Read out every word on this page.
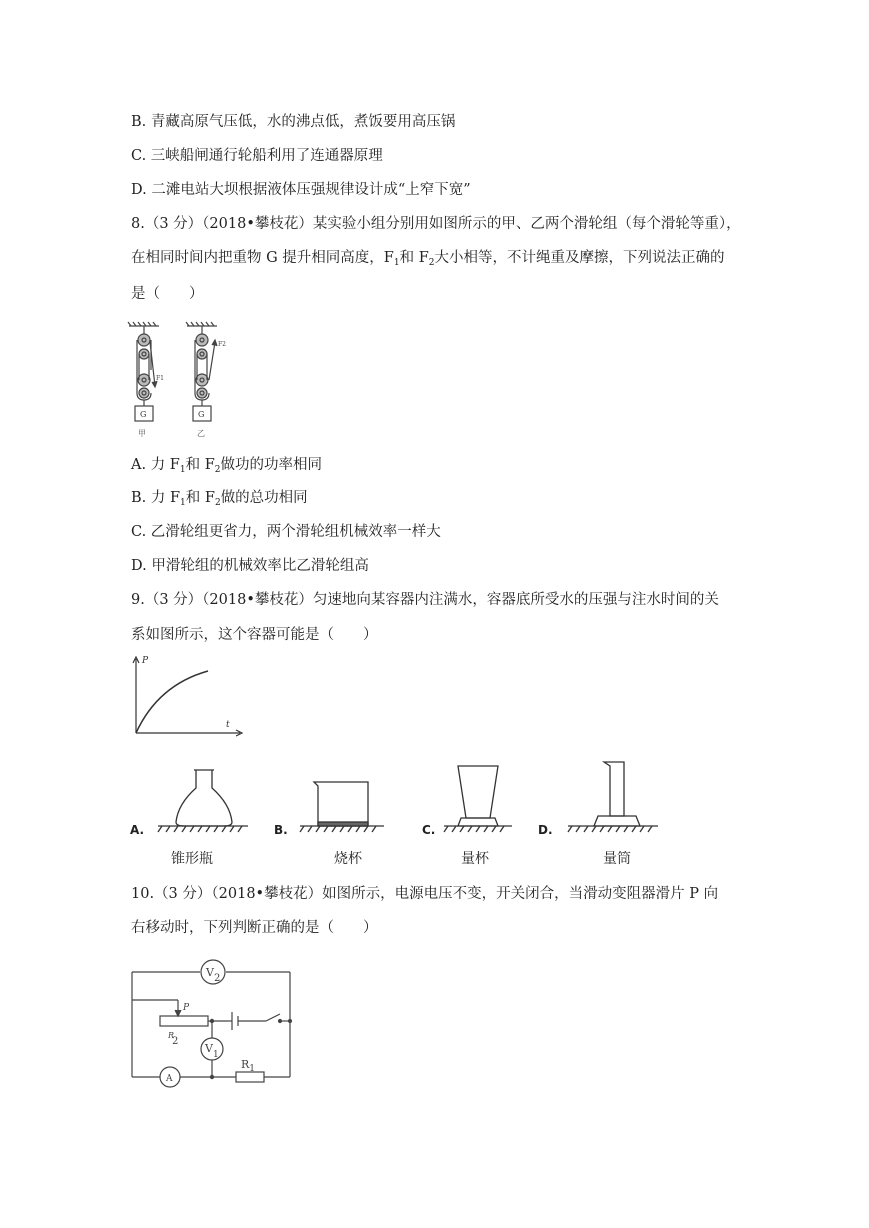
B. 青藏高原气压低，水的沸点低，煮饭要用高压锅
C. 三峡船闸通行轮船利用了连通器原理
D. 二滩电站大坝根据液体压强规律设计成“上窄下宽”
8.（3 分）（2018•攀枝花）某实验小组分别用如图所示的甲、乙两个滑轮组（每个滑轮等重），
在相同时间内把重物 G 提升相同高度，$F_1$和 $F_2$大小相等，不计绳重及摩擦，下列说法正确的
是（　　）
F1
F2
G	G
甲	乙
A. 力 $F_1$和 $F_2$做功的功率相同
B. 力 $F_1$和 $F_2$做的总功相同
C. 乙滑轮组更省力，两个滑轮组机械效率一样大
D. 甲滑轮组的机械效率比乙滑轮组高
9.（3 分）（2018•攀枝花）匀速地向某容器内注满水，容器底所受水的压强与注水时间的关
系如图所示，这个容器可能是（　　）
P
t
A.	B.	C.	D.
锥形瓶	烧杯	量杯	量筒
10.（3 分）（2018•攀枝花）如图所示，电源电压不变，开关闭合，当滑动变阻器滑片 P 向
右移动时，下列判断正确的是（　　）
V2
$V_1$
P
R 2
A
$R_1$
